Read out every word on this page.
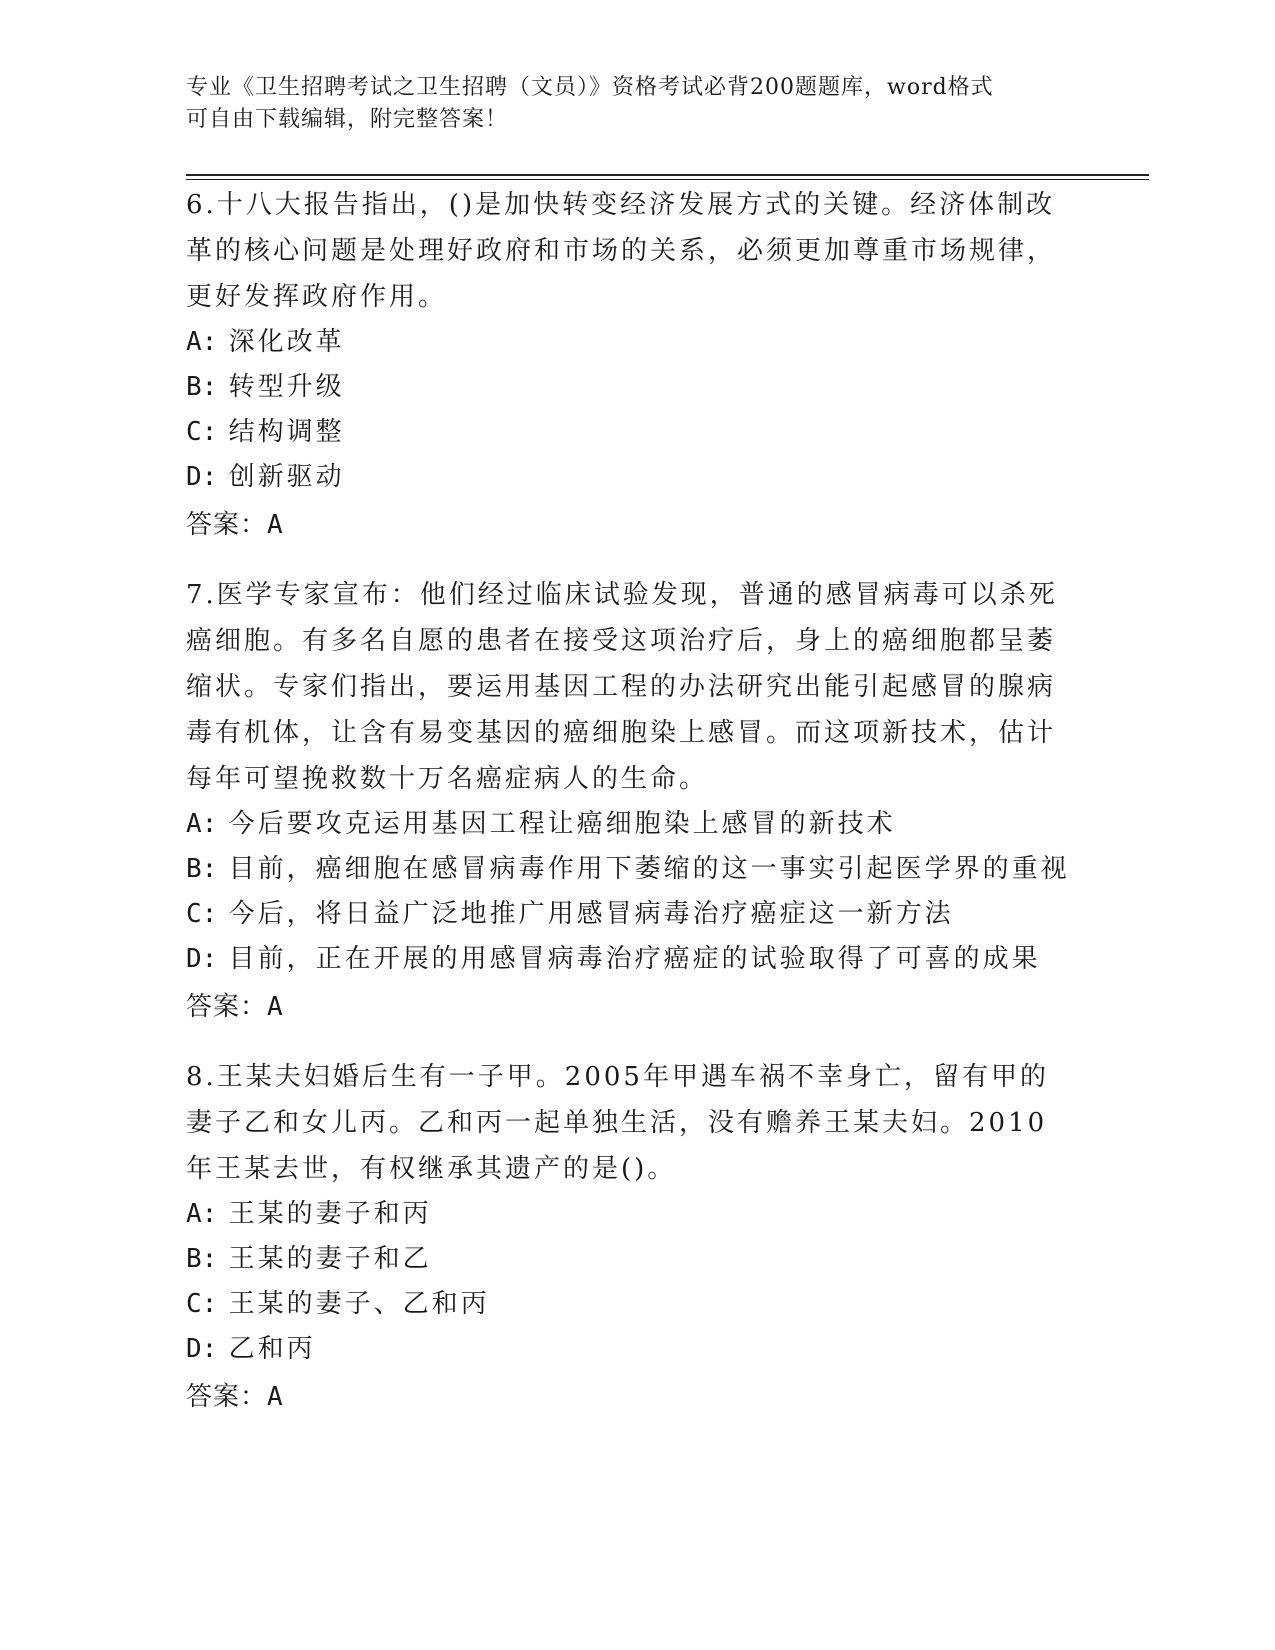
专业《卫生招聘考试之卫生招聘（文员）》资格考试必背200题题库，word格式
可自由下载编辑，附完整答案！
6.十八大报告指出，()是加快转变经济发展方式的关键。经济体制改革的核心问题是处理好政府和市场的关系，必须更加尊重市场规律，更好发挥政府作用。
A: 深化改革
B: 转型升级
C: 结构调整
D: 创新驱动
答案：A
7.医学专家宣布：他们经过临床试验发现，普通的感冒病毒可以杀死癌细胞。有多名自愿的患者在接受这项治疗后，身上的癌细胞都呈萎缩状。专家们指出，要运用基因工程的办法研究出能引起感冒的腺病毒有机体，让含有易变基因的癌细胞染上感冒。而这项新技术，估计每年可望挽救数十万名癌症病人的生命。
A: 今后要攻克运用基因工程让癌细胞染上感冒的新技术
B: 目前，癌细胞在感冒病毒作用下萎缩的这一事实引起医学界的重视
C: 今后，将日益广泛地推广用感冒病毒治疗癌症这一新方法
D: 目前，正在开展的用感冒病毒治疗癌症的试验取得了可喜的成果
答案：A
8.王某夫妇婚后生有一子甲。2005年甲遇车祸不幸身亡，留有甲的妻子乙和女儿丙。乙和丙一起单独生活，没有赡养王某夫妇。2010年王某去世，有权继承其遗产的是()。
A: 王某的妻子和丙
B: 王某的妻子和乙
C: 王某的妻子、乙和丙
D: 乙和丙
答案：A
